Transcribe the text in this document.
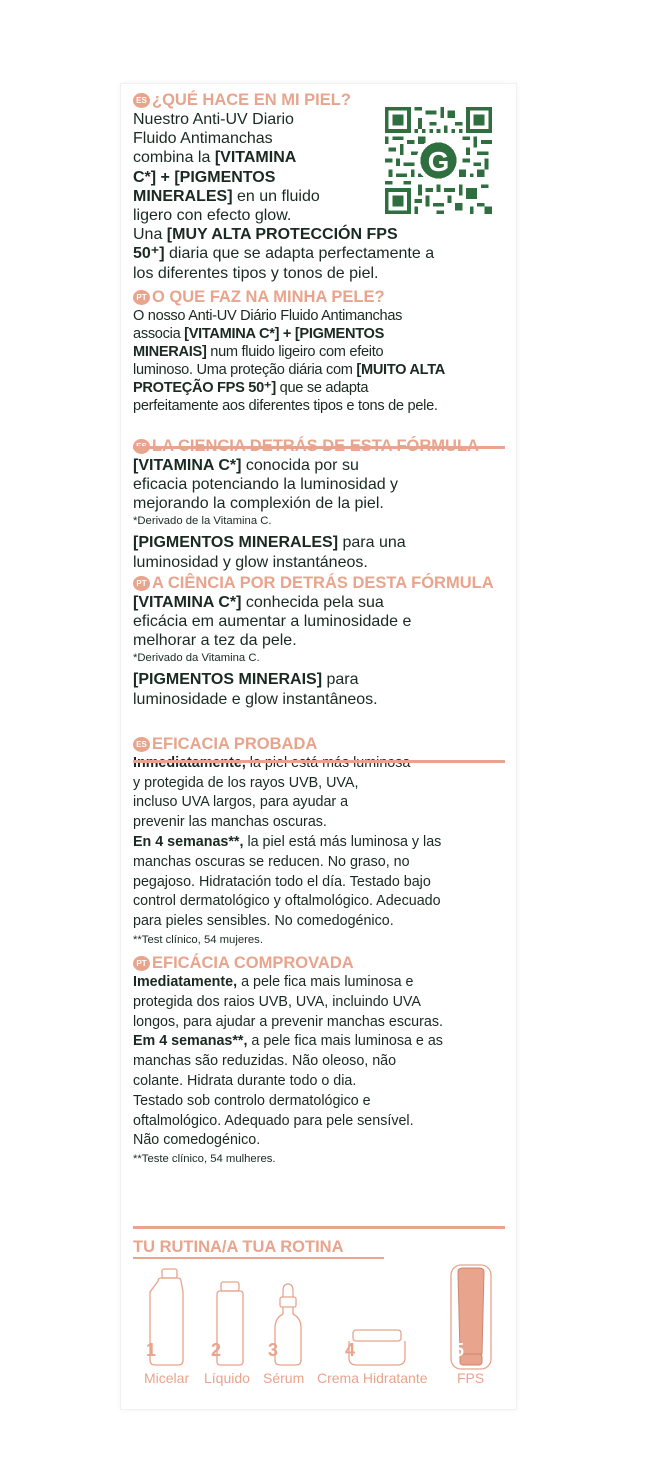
ES ¿QUÉ HACE EN MI PIEL?

Nuestro Anti-UV Diario

Fluido Antimanchas

combina la [VITAMINA

C*] + [PIGMENTOS

MINERALES] en un fluido

ligero con efecto glow.

Una [MUY ALTA PROTECCIÓN FPS

50⁺] diaria que se adapta perfectamente a

los diferentes tipos y tonos de piel.

PT O QUE FAZ NA MINHA PELE?

O nosso Anti-UV Diário Fluido Antimanchas

associa [VITAMINA C*] + [PIGMENTOS

MINERAIS] num fluido ligeiro com efeito

luminoso. Uma proteção diária com [MUITO ALTA

PROTEÇÃO FPS 50⁺] que se adapta

perfeitamente aos diferentes tipos e tons de pele.

[VITAMINA C*] conocida por su

eficacia potenciando la luminosidad y

mejorando la complexión de la piel.

*Derivado de la Vitamina C.

[PIGMENTOS MINERALES] para una

luminosidad y glow instantáneos.

PT A CIÊNCIA POR DETRÁS DESTA FÓRMULA

[VITAMINA C*] conhecida pela sua

eficácia em aumentar a luminosidade e

melhorar a tez da pele.

*Derivado da Vitamina C.

[PIGMENTOS MINERAIS] para

luminosidade e glow instantâneos.

ES EFICACIA PROBADA

y protegida de los rayos UVB, UVA,

incluso UVA largos, para ayudar a

prevenir las manchas oscuras.

En 4 semanas**, la piel está más luminosa y las

manchas oscuras se reducen. No graso, no

pegajoso. Hidratación todo el día. Testado bajo

control dermatológico y oftalmológico. Adecuado

para pieles sensibles. No comedogénico.

**Test clínico, 54 mujeres.

PT EFICÁCIA COMPROVADA

Imediatamente, a pele fica mais luminosa e

protegida dos raios UVB, UVA, incluindo UVA

longos, para ajudar a prevenir manchas escuras.

Em 4 semanas**, a pele fica mais luminosa e as

manchas são reduzidas. Não oleoso, não

colante. Hidrata durante todo o dia.

Testado sob controlo dermatológico e

oftalmológico. Adequado para pele sensível.

Não comedogénico.

**Teste clínico, 54 mulheres.

G
TU RUTINA/A TUA ROTINA
1	2	3	4	5
Micelar Líquido Sérum Crema Hidratante FPS
